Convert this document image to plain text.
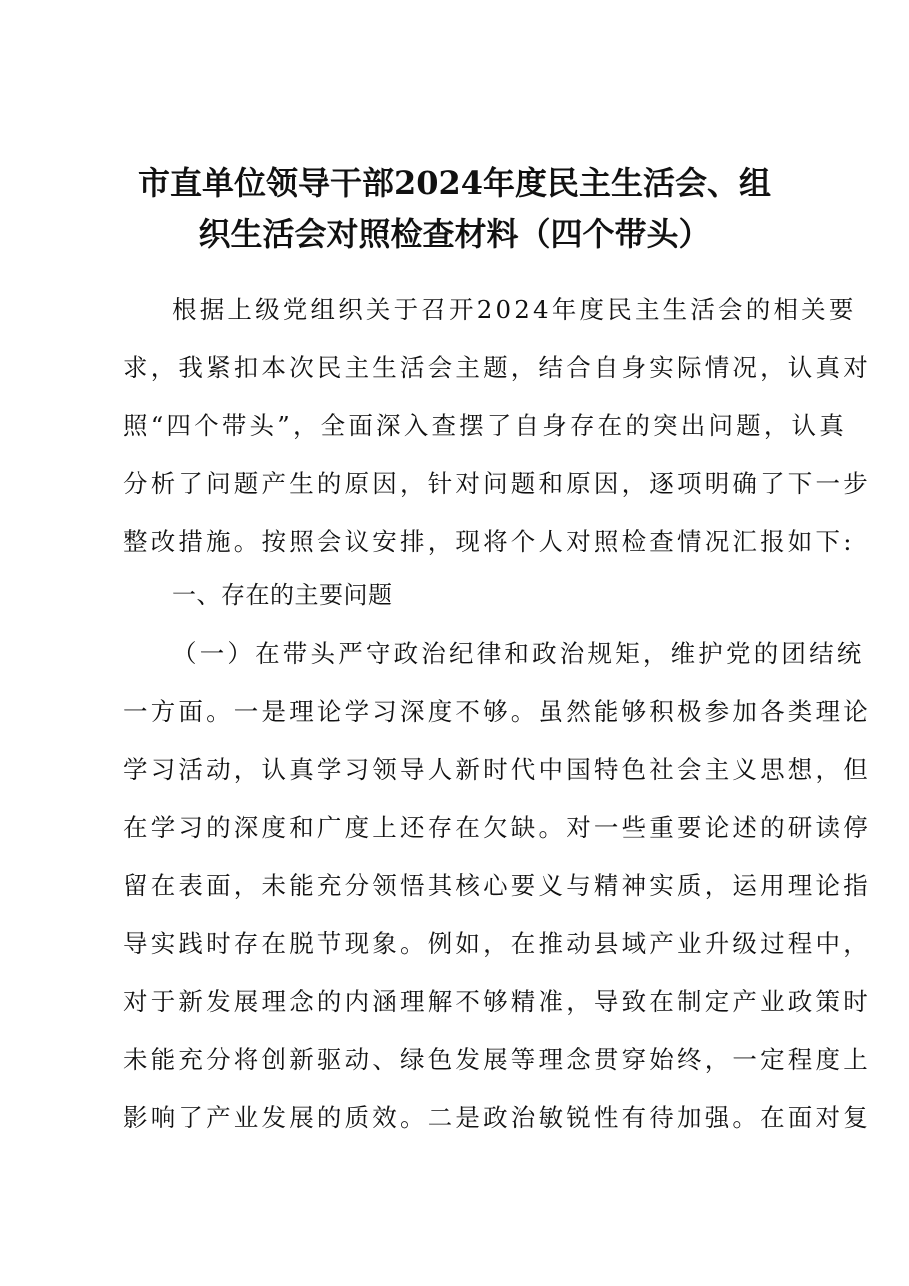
市直单位领导干部2024年度民主生活会、组
织生活会对照检查材料（四个带头）
根据上级党组织关于召开2024年度民主生活会的相关要
求，我紧扣本次民主生活会主题，结合自身实际情况，认真对
照“四个带头”，全面深入查摆了自身存在的突出问题，认真
分析了问题产生的原因，针对问题和原因，逐项明确了下一步
整改措施。按照会议安排，现将个人对照检查情况汇报如下:
一、存在的主要问题
（一）在带头严守政治纪律和政治规矩，维护党的团结统
一方面。一是理论学习深度不够。虽然能够积极参加各类理论
学习活动，认真学习领导人新时代中国特色社会主义思想，但
在学习的深度和广度上还存在欠缺。对一些重要论述的研读停
留在表面，未能充分领悟其核心要义与精神实质，运用理论指
导实践时存在脱节现象。例如，在推动县域产业升级过程中，
对于新发展理念的内涵理解不够精准，导致在制定产业政策时
未能充分将创新驱动、绿色发展等理念贯穿始终，一定程度上
影响了产业发展的质效。二是政治敏锐性有待加强。在面对复
